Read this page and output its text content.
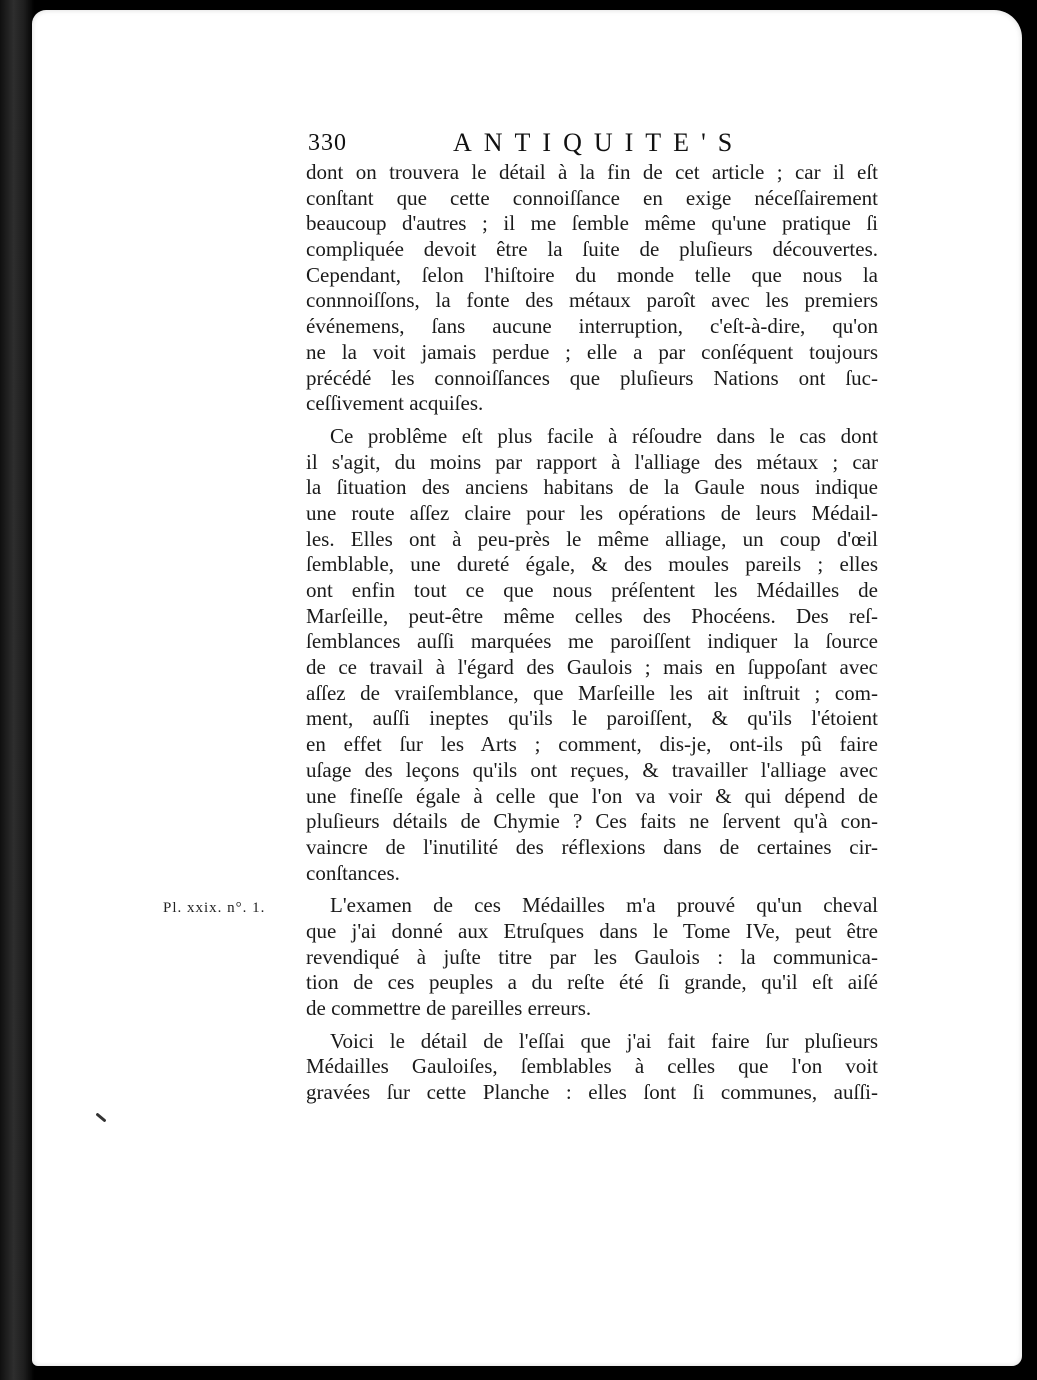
330	ANTIQUITE'S
Pl. xxix. n°. 1.
dont on trouvera le détail à la fin de cet article ; car il eſt
conſtant que cette connoiſſance en exige néceſſairement
beaucoup d'autres ; il me ſemble même qu'une pratique ſi
compliquée devoit être la ſuite de pluſieurs découvertes.
Cependant, ſelon l'hiſtoire du monde telle que nous la
connnoiſſons, la fonte des métaux paroît avec les premiers
événemens, ſans aucune interruption, c'eſt-à-dire, qu'on
ne la voit jamais perdue ; elle a par conſéquent toujours
précédé les connoiſſances que pluſieurs Nations ont ſuc-
ceſſivement acquiſes.
Ce problême eſt plus facile à réſoudre dans le cas dont
il s'agit, du moins par rapport à l'alliage des métaux ; car
la ſituation des anciens habitans de la Gaule nous indique
une route aſſez claire pour les opérations de leurs Médail-
les. Elles ont à peu-près le même alliage, un coup d'œil
ſemblable, une dureté égale, & des moules pareils ; elles
ont enfin tout ce que nous préſentent les Médailles de
Marſeille, peut-être même celles des Phocéens. Des reſ-
ſemblances auſſi marquées me paroiſſent indiquer la ſource
de ce travail à l'égard des Gaulois ; mais en ſuppoſant avec
aſſez de vraiſemblance, que Marſeille les ait inſtruit ; com-
ment, auſſi ineptes qu'ils le paroiſſent, & qu'ils l'étoient
en effet ſur les Arts ; comment, dis-je, ont-ils pû faire
uſage des leçons qu'ils ont reçues, & travailler l'alliage avec
une fineſſe égale à celle que l'on va voir & qui dépend de
pluſieurs détails de Chymie ? Ces faits ne ſervent qu'à con-
vaincre de l'inutilité des réflexions dans de certaines cir-
conſtances.
L'examen de ces Médailles m'a prouvé qu'un cheval
que j'ai donné aux Etruſques dans le Tome IVe, peut être
revendiqué à juſte titre par les Gaulois : la communica-
tion de ces peuples a du reſte été ſi grande, qu'il eſt aiſé
de commettre de pareilles erreurs.
Voici le détail de l'eſſai que j'ai fait faire ſur pluſieurs
Médailles Gauloiſes, ſemblables à celles que l'on voit
gravées ſur cette Planche : elles ſont ſi communes, auſſi-
